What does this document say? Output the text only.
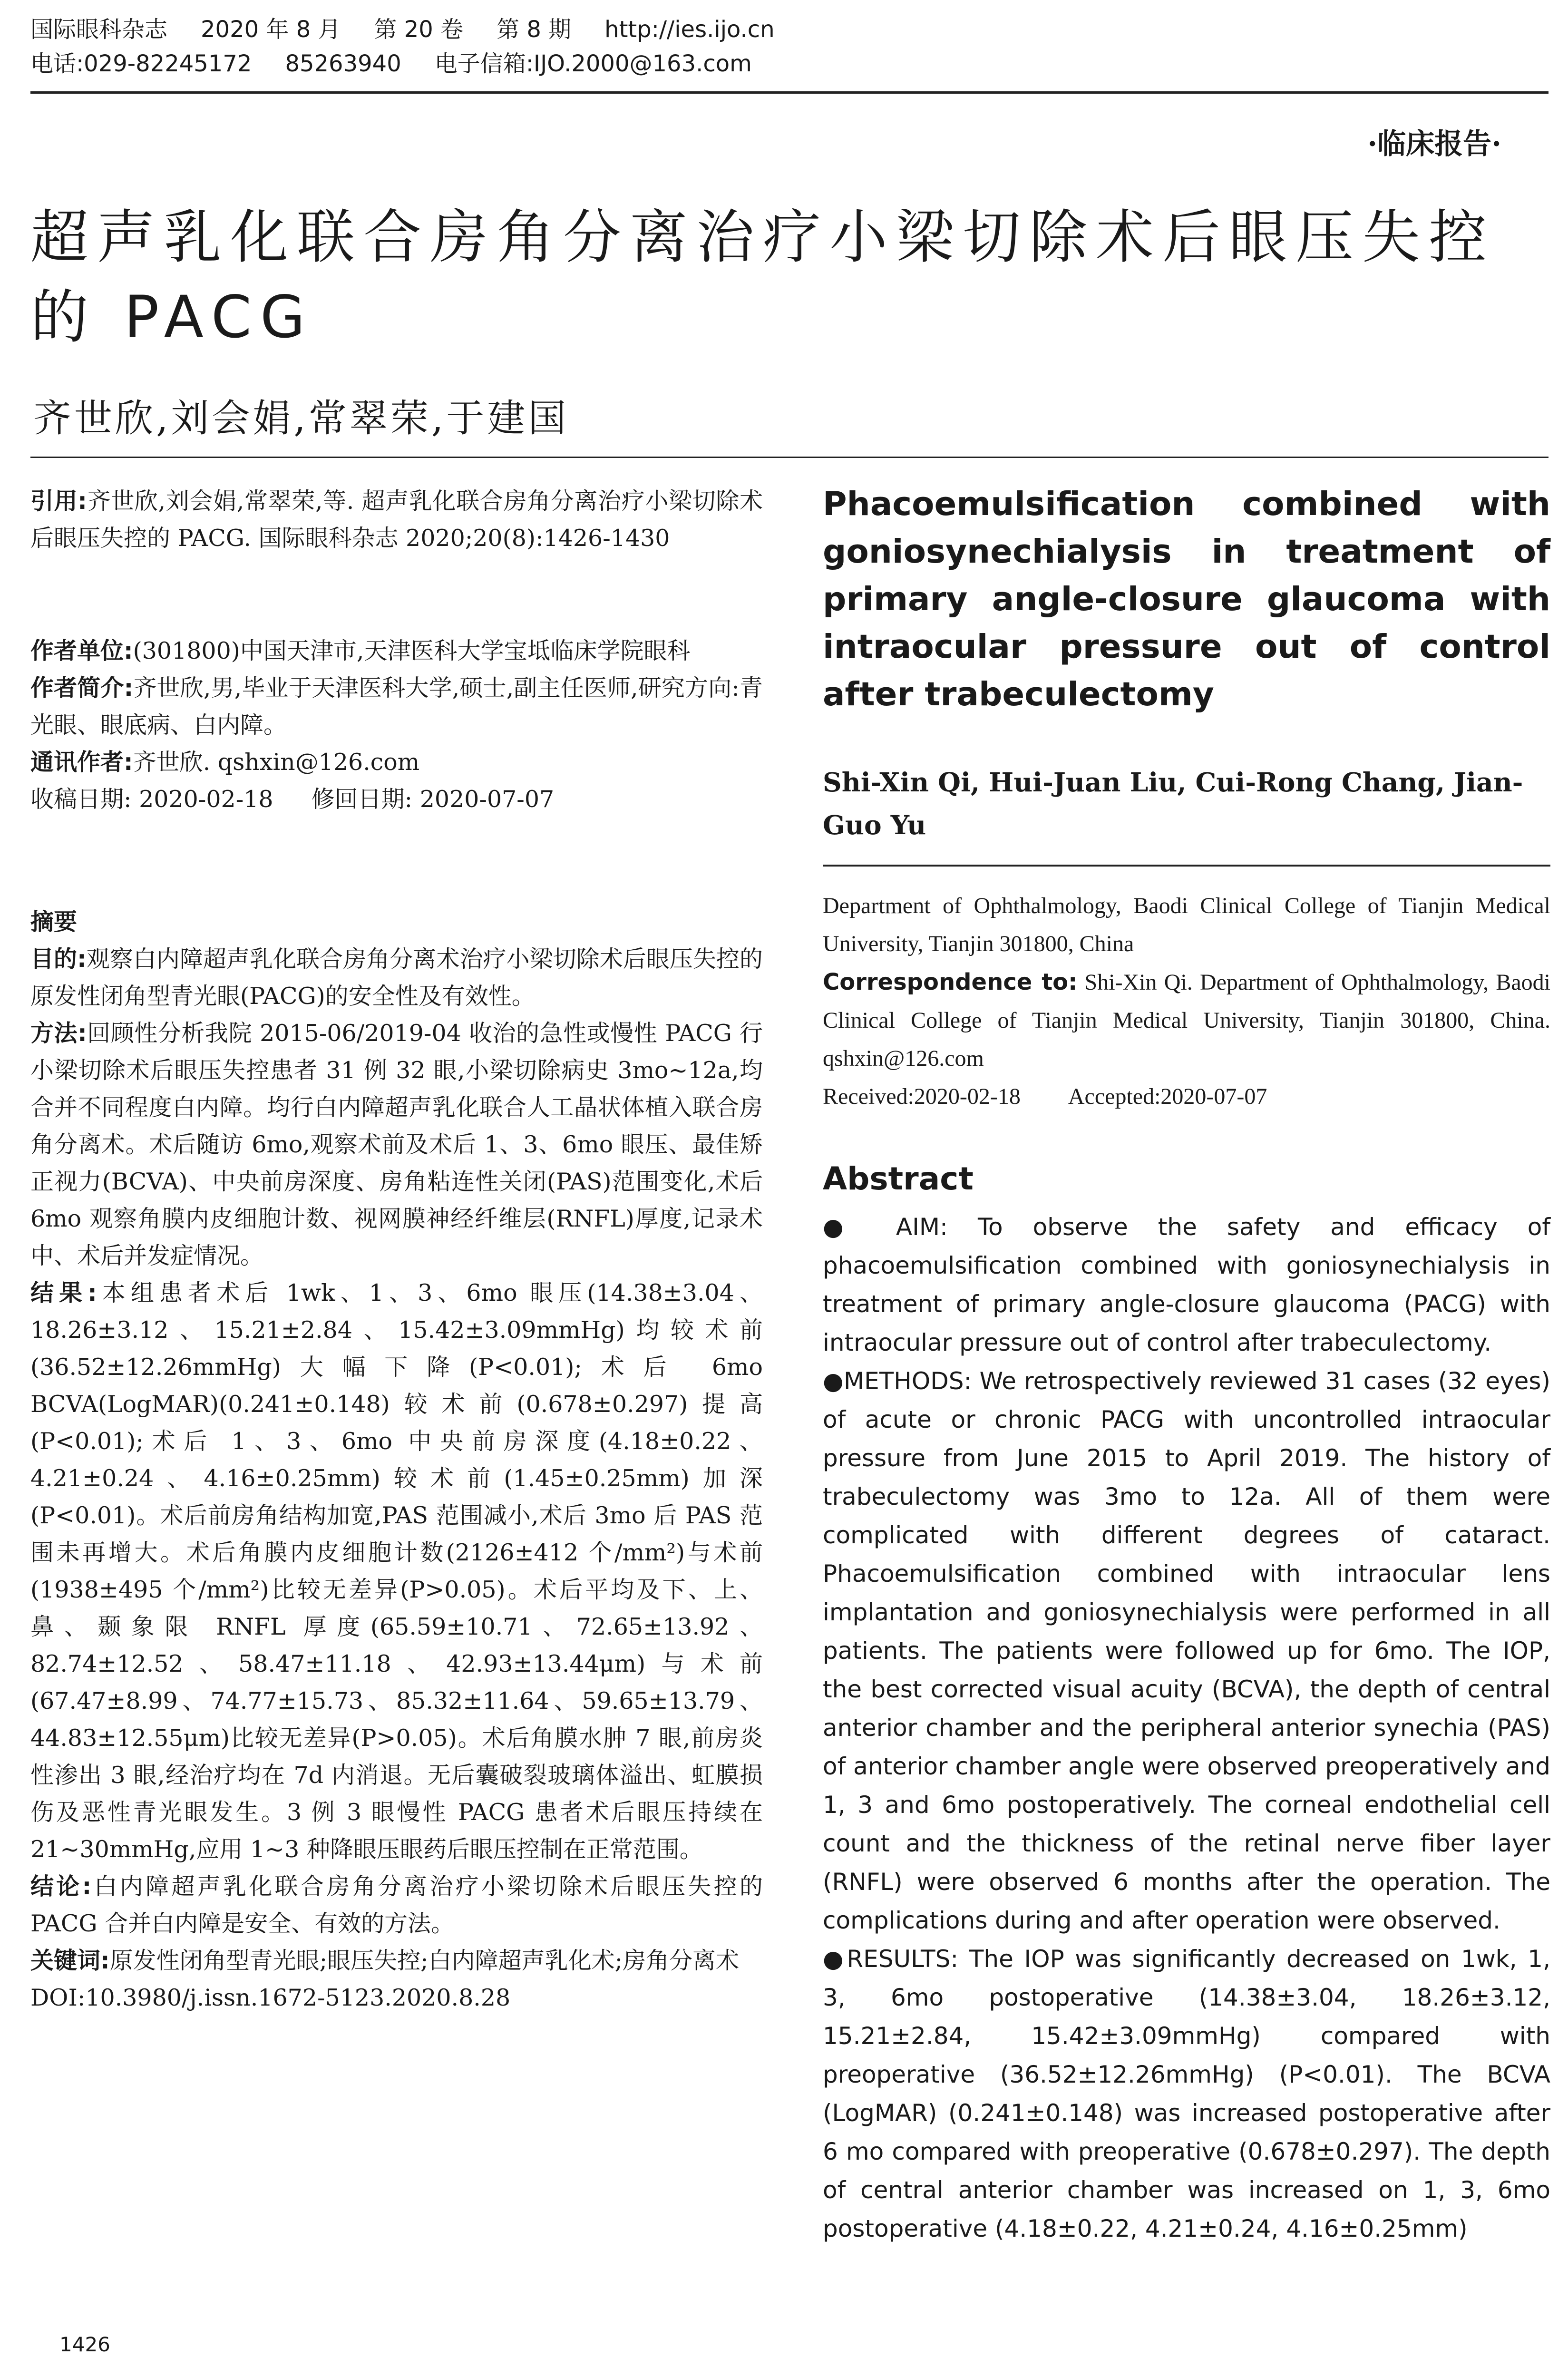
国际眼科杂志 2020 年 8 月 第 20 卷 第 8 期 http://ies.ijo.cn
电话:029-82245172 85263940 电子信箱:IJO.2000@163.com
·临床报告·
超声乳化联合房角分离治疗小梁切除术后眼压失控的 PACG
齐世欣,刘会娟,常翠荣,于建国

引用:齐世欣,刘会娟,常翠荣,等. 超声乳化联合房角分离治疗小梁切除术后眼压失控的 PACG. 国际眼科杂志 2020;20(8):1426-1430

作者单位:(301800)中国天津市,天津医科大学宝坻临床学院眼科

作者简介:齐世欣,男,毕业于天津医科大学,硕士,副主任医师,研究方向:青光眼、眼底病、白内障。

通讯作者:齐世欣. qshxin@126.com

收稿日期: 2020-02-18 修回日期: 2020-07-07

摘要

目的:观察白内障超声乳化联合房角分离术治疗小梁切除术后眼压失控的原发性闭角型青光眼(PACG)的安全性及有效性。

方法:回顾性分析我院 2015-06/2019-04 收治的急性或慢性 PACG 行小梁切除术后眼压失控患者 31 例 32 眼,小梁切除病史 3mo~12a,均合并不同程度白内障。均行白内障超声乳化联合人工晶状体植入联合房角分离术。术后随访 6mo,观察术前及术后 1、3、6mo 眼压、最佳矫正视力(BCVA)、中央前房深度、房角粘连性关闭(PAS)范围变化,术后 6mo 观察角膜内皮细胞计数、视网膜神经纤维层(RNFL)厚度,记录术中、术后并发症情况。

结果:本组患者术后 1wk、1、3、6mo 眼压(14.38±3.04、18.26±3.12、15.21±2.84、15.42±3.09mmHg)均较术前(36.52±12.26mmHg)大幅下降(P<0.01);术后 6mo BCVA(LogMAR)(0.241±0.148)较术前(0.678±0.297)提高(P<0.01);术后 1、3、6mo 中央前房深度(4.18±0.22、4.21±0.24、4.16±0.25mm)较术前(1.45±0.25mm)加深(P<0.01)。术后前房角结构加宽,PAS 范围减小,术后 3mo 后 PAS 范围未再增大。术后角膜内皮细胞计数(2126±412 个/mm²)与术前(1938±495 个/mm²)比较无差异(P>0.05)。术后平均及下、上、鼻、颞象限 RNFL 厚度(65.59±10.71、72.65±13.92、82.74±12.52、58.47±11.18、42.93±13.44μm)与术前(67.47±8.99、74.77±15.73、85.32±11.64、59.65±13.79、44.83±12.55μm)比较无差异(P>0.05)。术后角膜水肿 7 眼,前房炎性渗出 3 眼,经治疗均在 7d 内消退。无后囊破裂玻璃体溢出、虹膜损伤及恶性青光眼发生。3 例 3 眼慢性 PACG 患者术后眼压持续在 21~30mmHg,应用 1~3 种降眼压眼药后眼压控制在正常范围。

结论:白内障超声乳化联合房角分离治疗小梁切除术后眼压失控的 PACG 合并白内障是安全、有效的方法。

关键词:原发性闭角型青光眼;眼压失控;白内障超声乳化术;房角分离术

DOI:10.3980/j.issn.1672-5123.2020.8.28

Phacoemulsification combined with goniosynechialysis in treatment of primary angle-closure glaucoma with intraocular pressure out of control after trabeculectomy
Shi-Xin Qi, Hui-Juan Liu, Cui-Rong Chang, Jian-Guo Yu

Department of Ophthalmology, Baodi Clinical College of Tianjin Medical University, Tianjin 301800, China

Correspondence to: Shi-Xin Qi. Department of Ophthalmology, Baodi Clinical College of Tianjin Medical University, Tianjin 301800, China. qshxin@126.com

Received:2020-02-18 Accepted:2020-07-07

Abstract

● AIM: To observe the safety and efficacy of phacoemulsification combined with goniosynechialysis in treatment of primary angle-closure glaucoma (PACG) with intraocular pressure out of control after trabeculectomy.

●METHODS: We retrospectively reviewed 31 cases (32 eyes) of acute or chronic PACG with uncontrolled intraocular pressure from June 2015 to April 2019. The history of trabeculectomy was 3mo to 12a. All of them were complicated with different degrees of cataract. Phacoemulsification combined with intraocular lens implantation and goniosynechialysis were performed in all patients. The patients were followed up for 6mo. The IOP, the best corrected visual acuity (BCVA), the depth of central anterior chamber and the peripheral anterior synechia (PAS) of anterior chamber angle were observed preoperatively and 1, 3 and 6mo postoperatively. The corneal endothelial cell count and the thickness of the retinal nerve fiber layer (RNFL) were observed 6 months after the operation. The complications during and after operation were observed.

●RESULTS: The IOP was significantly decreased on 1wk, 1, 3, 6mo postoperative (14.38±3.04, 18.26±3.12, 15.21±2.84, 15.42±3.09mmHg) compared with preoperative (36.52±12.26mmHg) (P<0.01). The BCVA (LogMAR) (0.241±0.148) was increased postoperative after 6 mo compared with preoperative (0.678±0.297). The depth of central anterior chamber was increased on 1, 3, 6mo postoperative (4.18±0.22, 4.21±0.24, 4.16±0.25mm)

1426
